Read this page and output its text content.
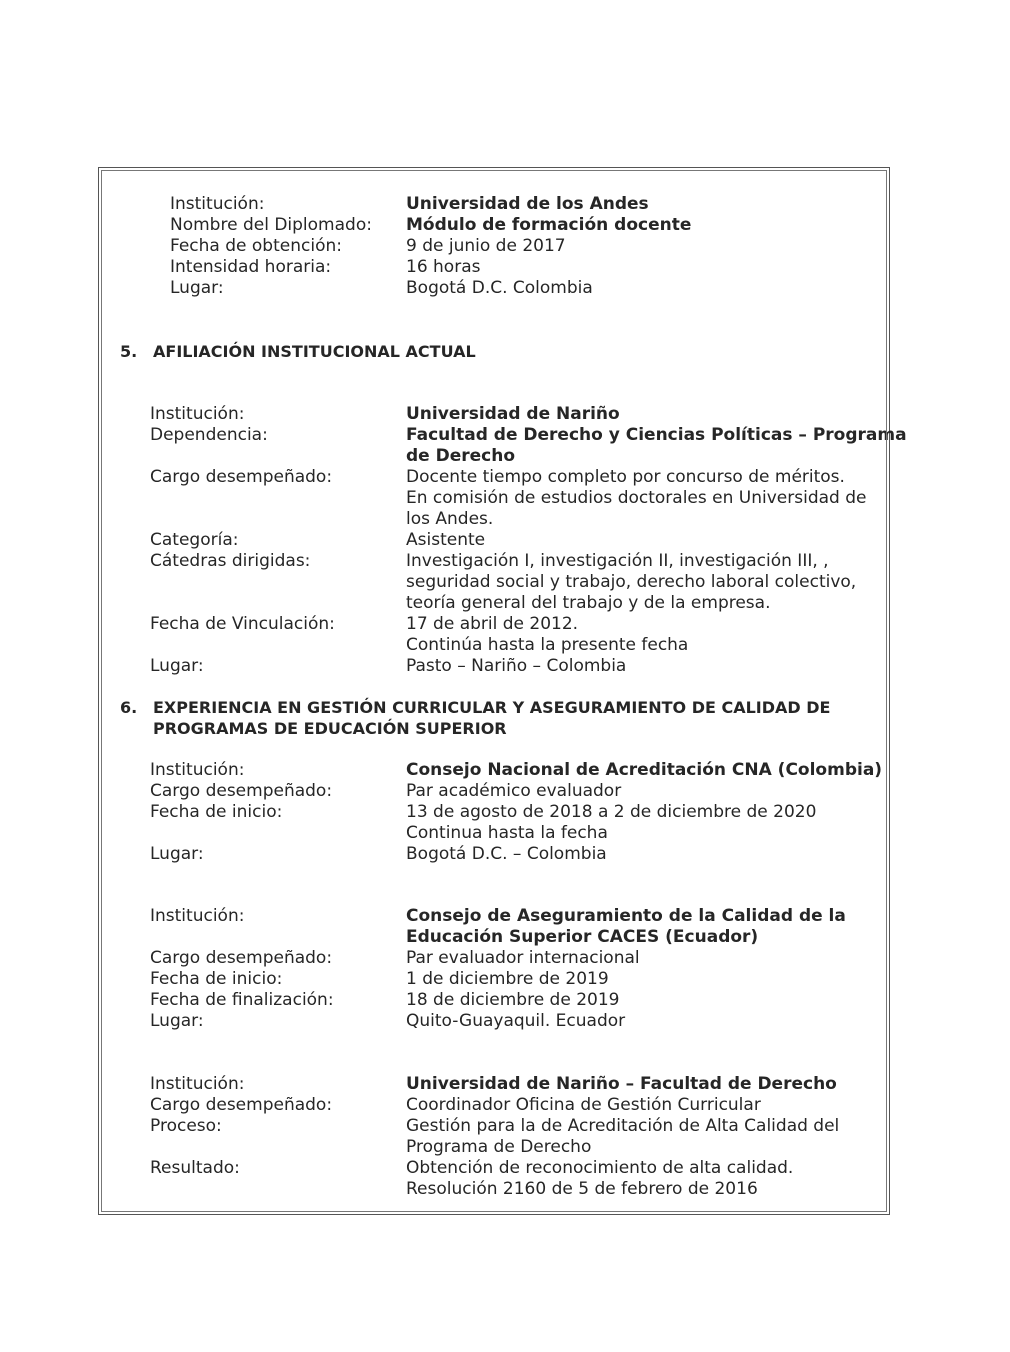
Institución:	Universidad de los Andes
Nombre del Diplomado:	Módulo de formación docente
Fecha de obtención:	9 de junio de 2017
Intensidad horaria:	16 horas
Lugar:	Bogotá D.C. Colombia
5. AFILIACIÓN INSTITUCIONAL ACTUAL
Institución:	Universidad de Nariño
Dependencia:	Facultad de Derecho y Ciencias Políticas – Programa
de Derecho
Cargo desempeñado:	Docente tiempo completo por concurso de méritos.
En comisión de estudios doctorales en Universidad de
los Andes.
Categoría:	Asistente
Cátedras dirigidas:	Investigación I, investigación II, investigación III, ,
seguridad social y trabajo, derecho laboral colectivo,
teoría general del trabajo y de la empresa.
Fecha de Vinculación:	17 de abril de 2012.
Continúa hasta la presente fecha
Lugar:	Pasto – Nariño – Colombia
6. EXPERIENCIA EN GESTIÓN CURRICULAR Y ASEGURAMIENTO DE CALIDAD DE
PROGRAMAS DE EDUCACIÓN SUPERIOR
Institución:	Consejo Nacional de Acreditación CNA (Colombia)
Cargo desempeñado:	Par académico evaluador
Fecha de inicio:	13 de agosto de 2018 a 2 de diciembre de 2020
Continua hasta la fecha
Lugar:	Bogotá D.C. – Colombia
Institución:	Consejo de Aseguramiento de la Calidad de la
Educación Superior CACES (Ecuador)
Cargo desempeñado:	Par evaluador internacional
Fecha de inicio:	1 de diciembre de 2019
Fecha de finalización:	18 de diciembre de 2019
Lugar:	Quito-Guayaquil. Ecuador
Institución:	Universidad de Nariño – Facultad de Derecho
Cargo desempeñado:	Coordinador Oficina de Gestión Curricular
Proceso:	Gestión para la de Acreditación de Alta Calidad del
Programa de Derecho
Resultado:	Obtención de reconocimiento de alta calidad.
Resolución 2160 de 5 de febrero de 2016
